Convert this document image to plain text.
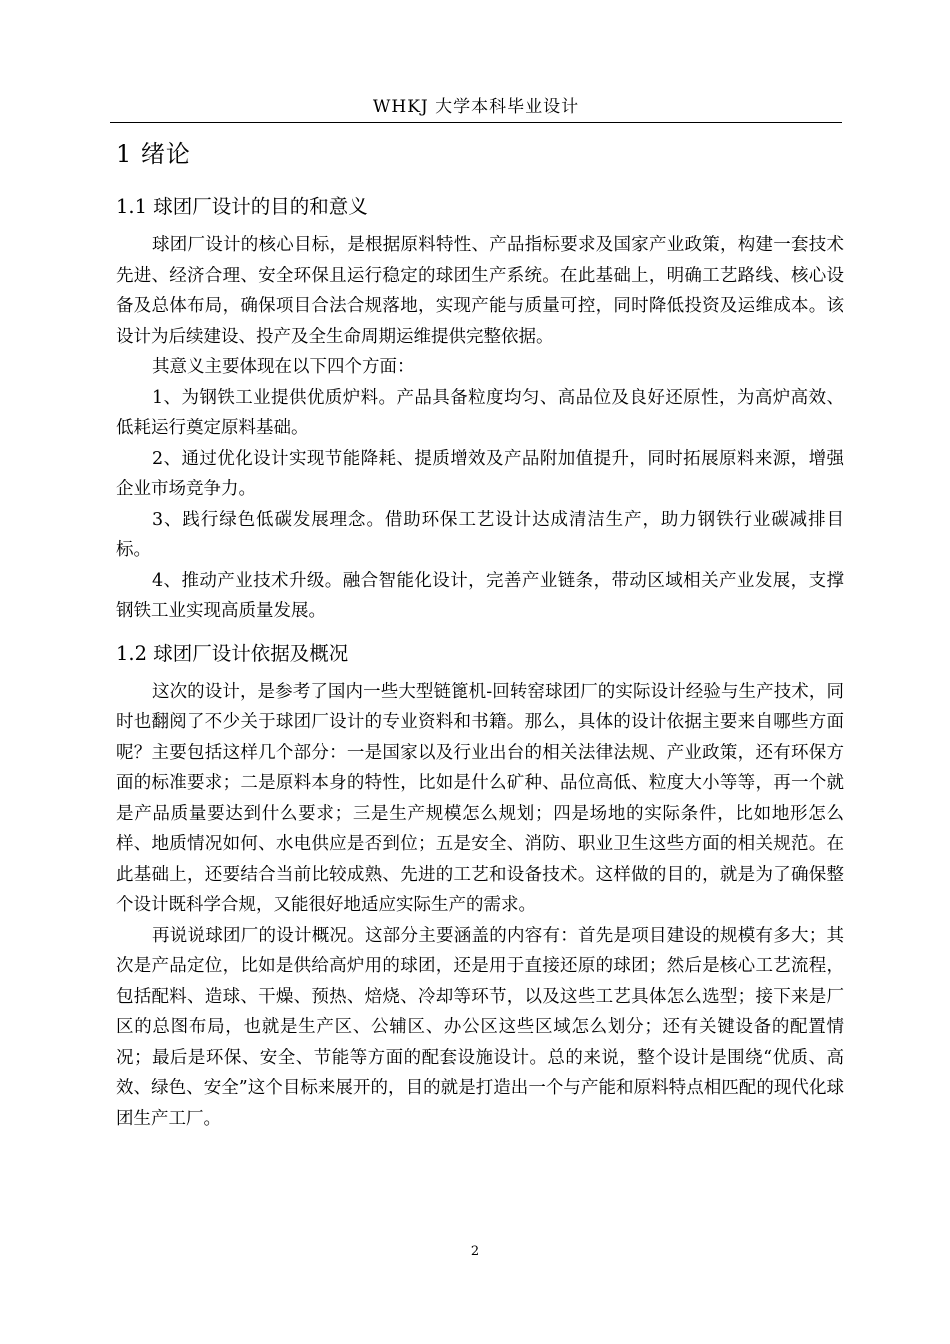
WHKJ 大学本科毕业设计
1 绪论
1.1 球团厂设计的目的和意义

球团厂设计的核心目标，是根据原料特性、产品指标要求及国家产业政策，构建一套技术先进、经济合理、安全环保且运行稳定的球团生产系统。在此基础上，明确工艺路线、核心设备及总体布局，确保项目合法合规落地，实现产能与质量可控，同时降低投资及运维成本。该设计为后续建设、投产及全生命周期运维提供完整依据。

其意义主要体现在以下四个方面：

1、为钢铁工业提供优质炉料。产品具备粒度均匀、高品位及良好还原性，为高炉高效、低耗运行奠定原料基础。

2、通过优化设计实现节能降耗、提质增效及产品附加值提升，同时拓展原料来源，增强企业市场竞争力。

3、践行绿色低碳发展理念。借助环保工艺设计达成清洁生产，助力钢铁行业碳减排目标。

4、推动产业技术升级。融合智能化设计，完善产业链条，带动区域相关产业发展，支撑钢铁工业实现高质量发展。

1.2 球团厂设计依据及概况

这次的设计，是参考了国内一些大型链篦机-回转窑球团厂的实际设计经验与生产技术，同时也翻阅了不少关于球团厂设计的专业资料和书籍。那么，具体的设计依据主要来自哪些方面呢？主要包括这样几个部分：一是国家以及行业出台的相关法律法规、产业政策，还有环保方面的标准要求；二是原料本身的特性，比如是什么矿种、品位高低、粒度大小等等，再一个就是产品质量要达到什么要求；三是生产规模怎么规划；四是场地的实际条件，比如地形怎么样、地质情况如何、水电供应是否到位；五是安全、消防、职业卫生这些方面的相关规范。在此基础上，还要结合当前比较成熟、先进的工艺和设备技术。这样做的目的，就是为了确保整个设计既科学合规，又能很好地适应实际生产的需求。

再说说球团厂的设计概况。这部分主要涵盖的内容有：首先是项目建设的规模有多大；其次是产品定位，比如是供给高炉用的球团，还是用于直接还原的球团；然后是核心工艺流程，包括配料、造球、干燥、预热、焙烧、冷却等环节，以及这些工艺具体怎么选型；接下来是厂区的总图布局，也就是生产区、公辅区、办公区这些区域怎么划分；还有关键设备的配置情况；最后是环保、安全、节能等方面的配套设施设计。总的来说，整个设计是围绕“优质、高效、绿色、安全”这个目标来展开的，目的就是打造出一个与产能和原料特点相匹配的现代化球团生产工厂。

2
